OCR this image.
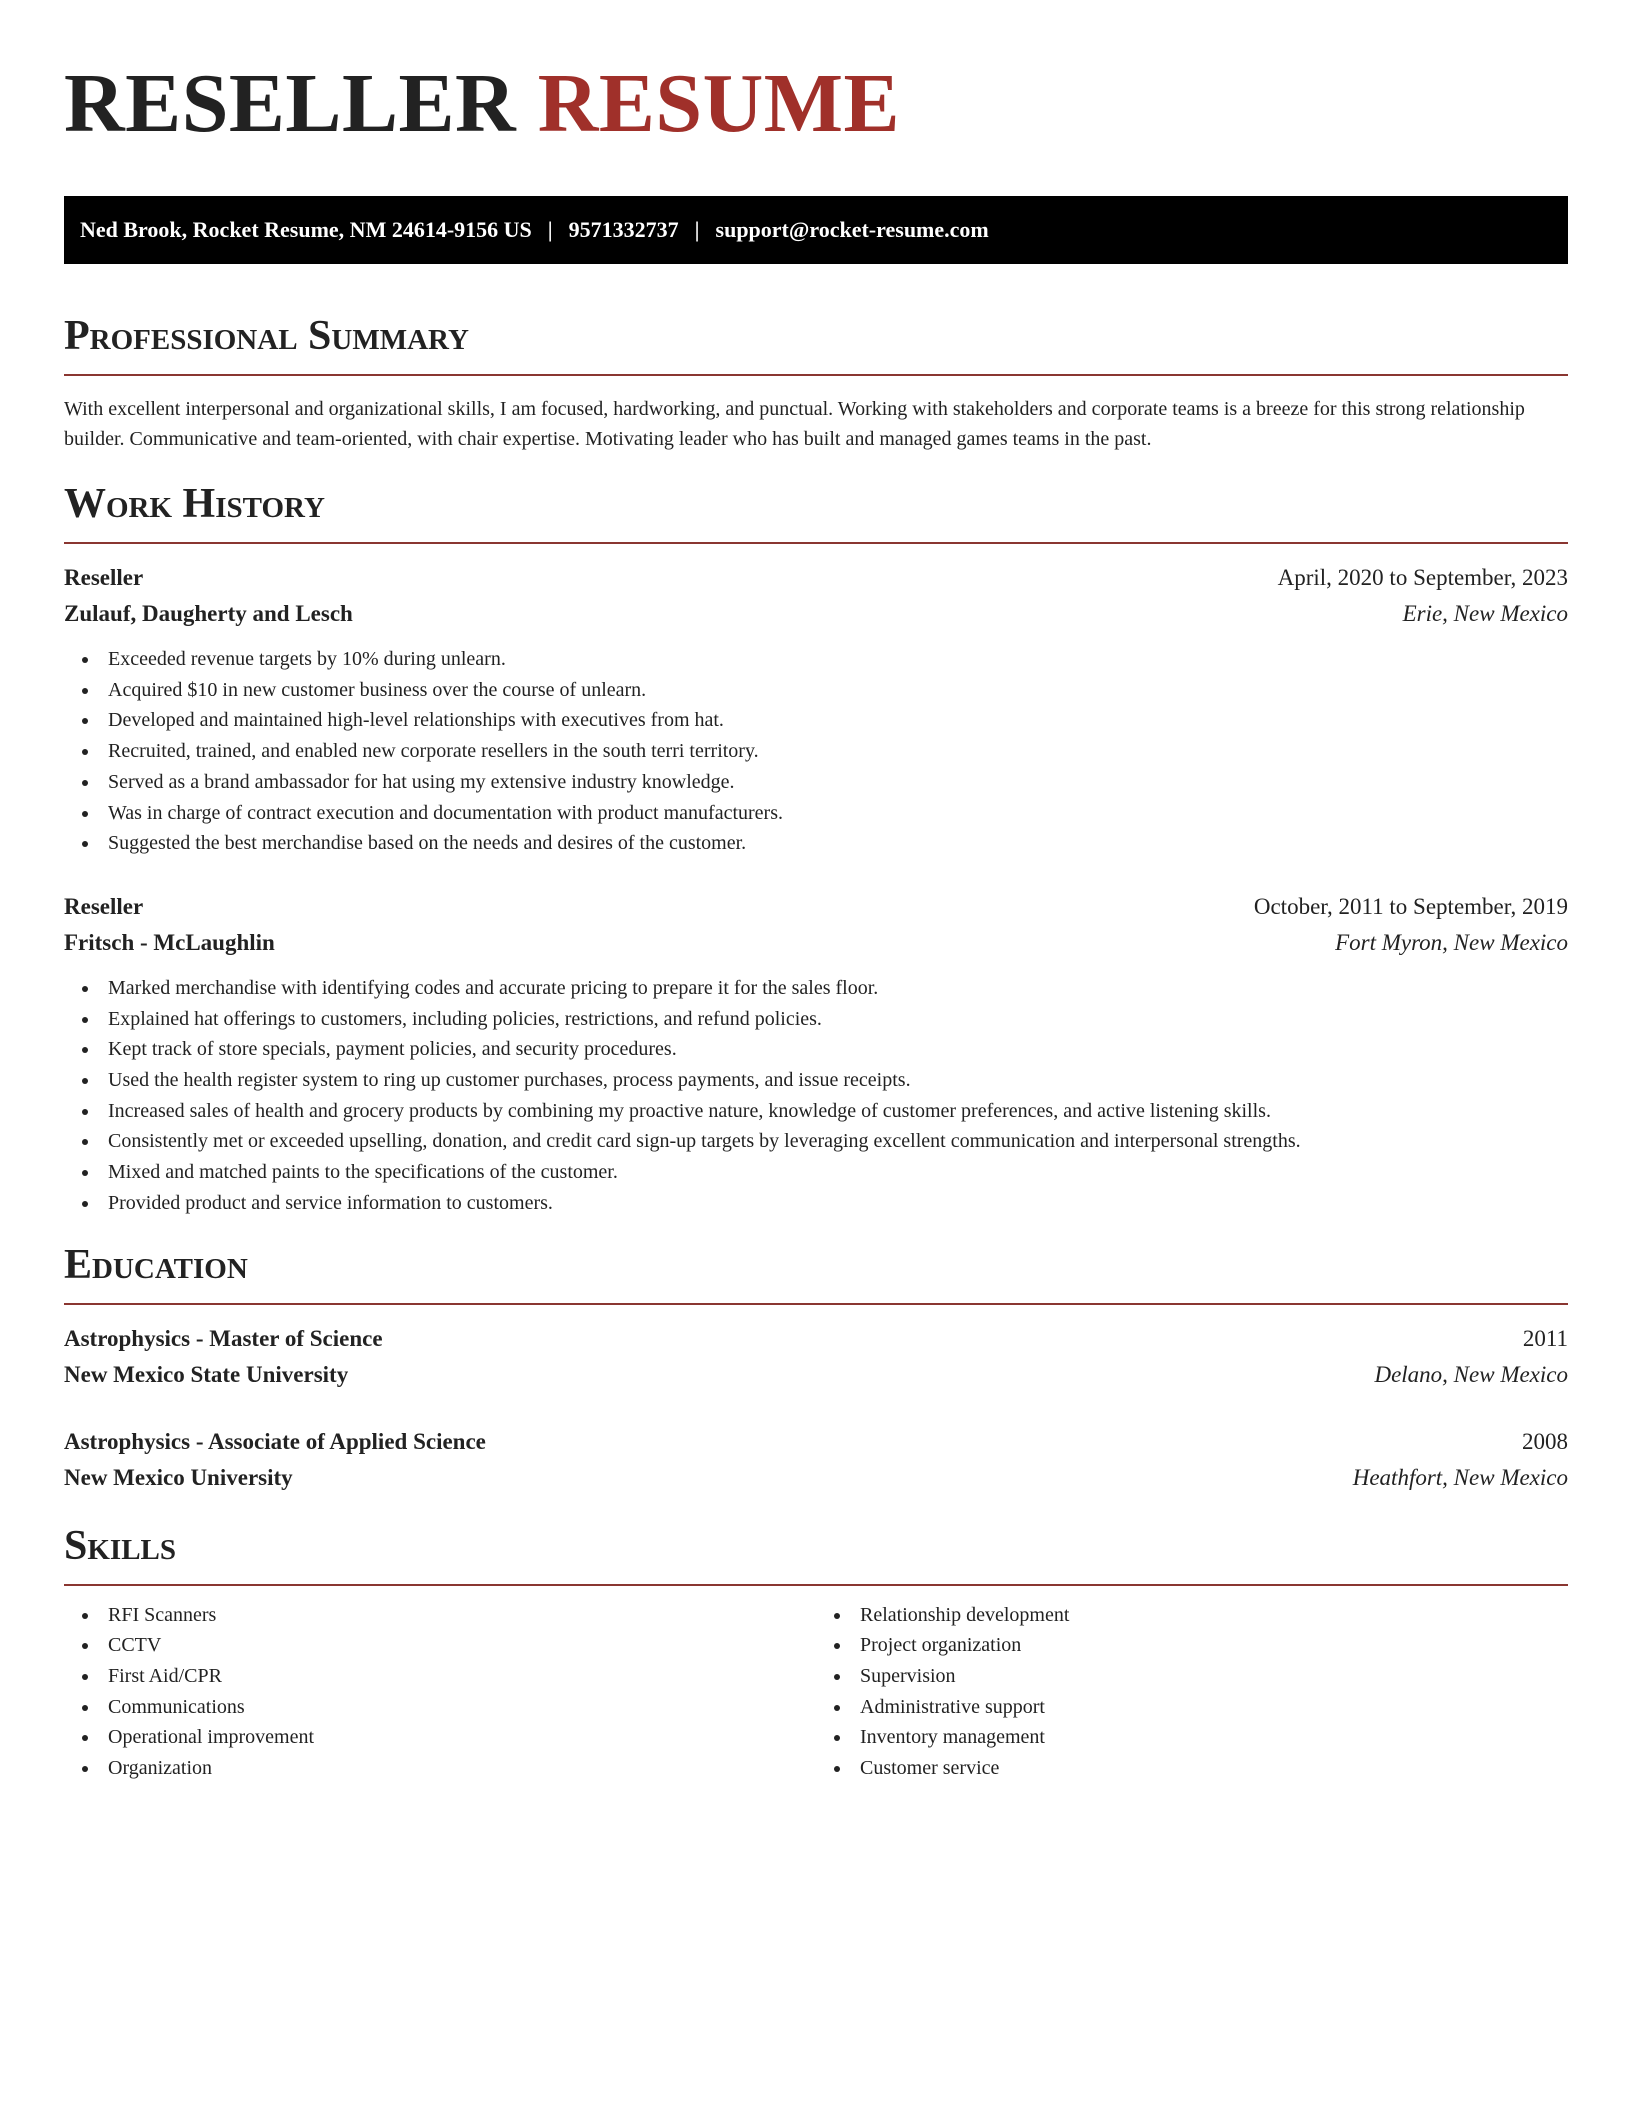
RESELLER RESUME
Ned Brook, Rocket Resume, NM 24614-9156 US | 9571332737 | support@rocket-resume.com
Professional Summary

With excellent interpersonal and organizational skills, I am focused, hardworking, and punctual. Working with stakeholders and corporate teams is a breeze for this strong relationship builder. Communicative and team-oriented, with chair expertise. Motivating leader who has built and managed games teams in the past.

Work History
Reseller	April, 2020 to September, 2023
Zulauf, Daugherty and Lesch	Erie, New Mexico
Exceeded revenue targets by 10% during unlearn.
Acquired $10 in new customer business over the course of unlearn.
Developed and maintained high-level relationships with executives from hat.
Recruited, trained, and enabled new corporate resellers in the south terri territory.
Served as a brand ambassador for hat using my extensive industry knowledge.
Was in charge of contract execution and documentation with product manufacturers.
Suggested the best merchandise based on the needs and desires of the customer.
Reseller	October, 2011 to September, 2019
Fritsch - McLaughlin	Fort Myron, New Mexico
Marked merchandise with identifying codes and accurate pricing to prepare it for the sales floor.
Explained hat offerings to customers, including policies, restrictions, and refund policies.
Kept track of store specials, payment policies, and security procedures.
Used the health register system to ring up customer purchases, process payments, and issue receipts.
Increased sales of health and grocery products by combining my proactive nature, knowledge of customer preferences, and active listening skills.
Consistently met or exceeded upselling, donation, and credit card sign-up targets by leveraging excellent communication and interpersonal strengths.
Mixed and matched paints to the specifications of the customer.
Provided product and service information to customers.
Education
Astrophysics - Master of Science	2011
New Mexico State University	Delano, New Mexico
Astrophysics - Associate of Applied Science	2008
New Mexico University	Heathfort, New Mexico
Skills
RFI Scanners
CCTV
First Aid/CPR
Communications
Operational improvement
Organization
Relationship development
Project organization
Supervision
Administrative support
Inventory management
Customer service
